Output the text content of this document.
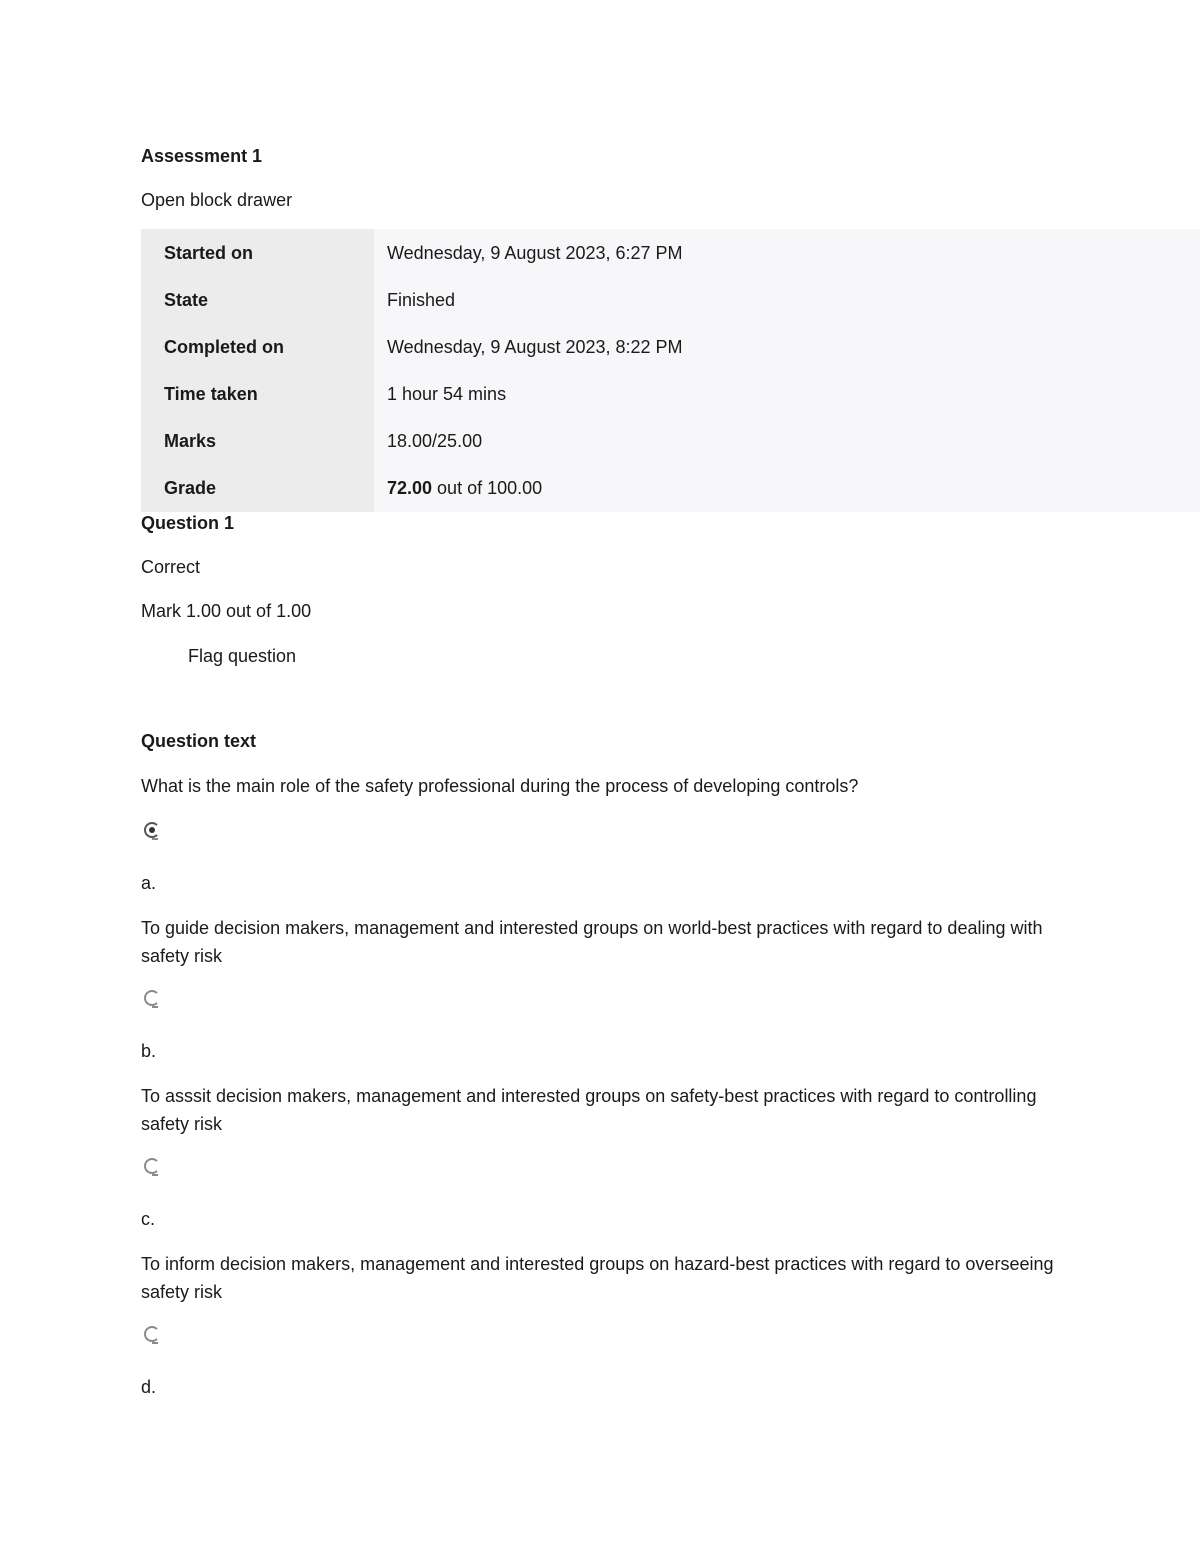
Assessment 1
Open block drawer
Started on	Wednesday, 9 August 2023, 6:27 PM
State	Finished
Completed on	Wednesday, 9 August 2023, 8:22 PM
Time taken	1 hour 54 mins
Marks	18.00/25.00
Grade	72.00 out of 100.00
Question 1
Correct
Mark 1.00 out of 1.00
Flag question
Question text
What is the main role of the safety professional during the process of developing controls?
a.
To guide decision makers, management and interested groups on world-best practices with regard to dealing with safety risk
b.
To asssit decision makers, management and interested groups on safety-best practices with regard to controlling safety risk
c.
To inform decision makers, management and interested groups on hazard-best practices with regard to overseeing safety risk
d.
